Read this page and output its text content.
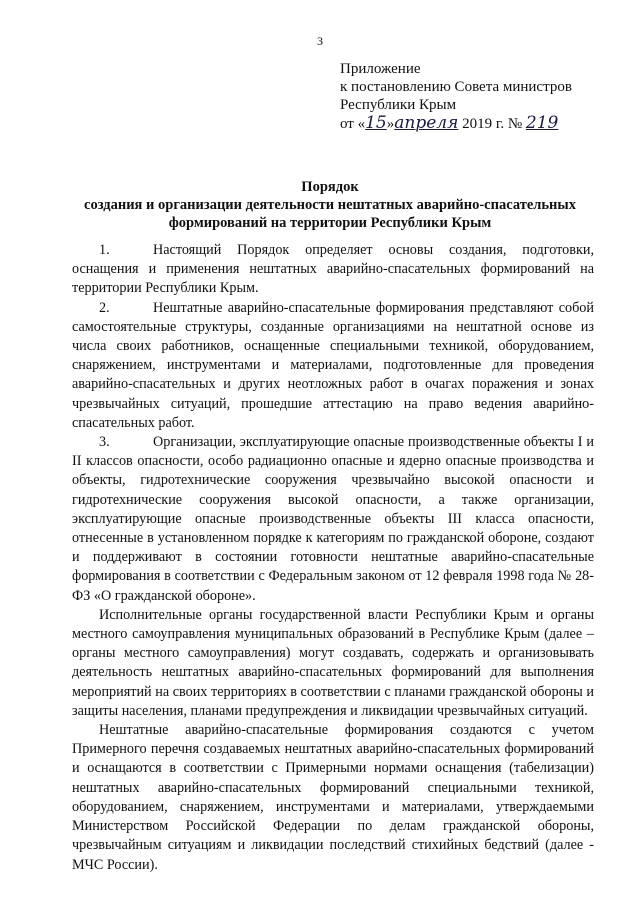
3
Приложение
к постановлению Совета министров
Республики Крым
от «15»апреля 2019 г. № 219
Порядок
создания и организации деятельности нештатных аварийно-спасательных
формирований на территории Республики Крым

1.	Настоящий Порядок определяет основы создания, подготовки, оснащения и применения нештатных аварийно-спасательных формирований на территории Республики Крым.

2.	Нештатные аварийно-спасательные формирования представляют собой самостоятельные структуры, созданные организациями на нештатной основе из числа своих работников, оснащенные специальными техникой, оборудованием, снаряжением, инструментами и материалами, подготовленные для проведения аварийно-спасательных и других неотложных работ в очагах поражения и зонах чрезвычайных ситуаций, прошедшие аттестацию на право ведения аварийно-спасательных работ.

3.	Организации, эксплуатирующие опасные производственные объекты I и II классов опасности, особо радиационно опасные и ядерно опасные производства и объекты, гидротехнические сооружения чрезвычайно высокой опасности и гидротехнические сооружения высокой опасности, а также организации, эксплуатирующие опасные производственные объекты III класса опасности, отнесенные в установленном порядке к категориям по гражданской обороне, создают и поддерживают в состоянии готовности нештатные аварийно-спасательные формирования в соответствии с Федеральным законом от 12 февраля 1998 года № 28-ФЗ «О гражданской обороне».

Исполнительные органы государственной власти Республики Крым и органы местного самоуправления муниципальных образований в Республике Крым (далее – органы местного самоуправления) могут создавать, содержать и организовывать деятельность нештатных аварийно-спасательных формирований для выполнения мероприятий на своих территориях в соответствии с планами гражданской обороны и защиты населения, планами предупреждения и ликвидации чрезвычайных ситуаций.

Нештатные аварийно-спасательные формирования создаются с учетом Примерного перечня создаваемых нештатных аварийно-спасательных формирований и оснащаются в соответствии с Примерными нормами оснащения (табелизации) нештатных аварийно-спасательных формирований специальными техникой, оборудованием, снаряжением, инструментами и материалами, утверждаемыми Министерством Российской Федерации по делам гражданской обороны, чрезвычайным ситуациям и ликвидации последствий стихийных бедствий (далее - МЧС России).
